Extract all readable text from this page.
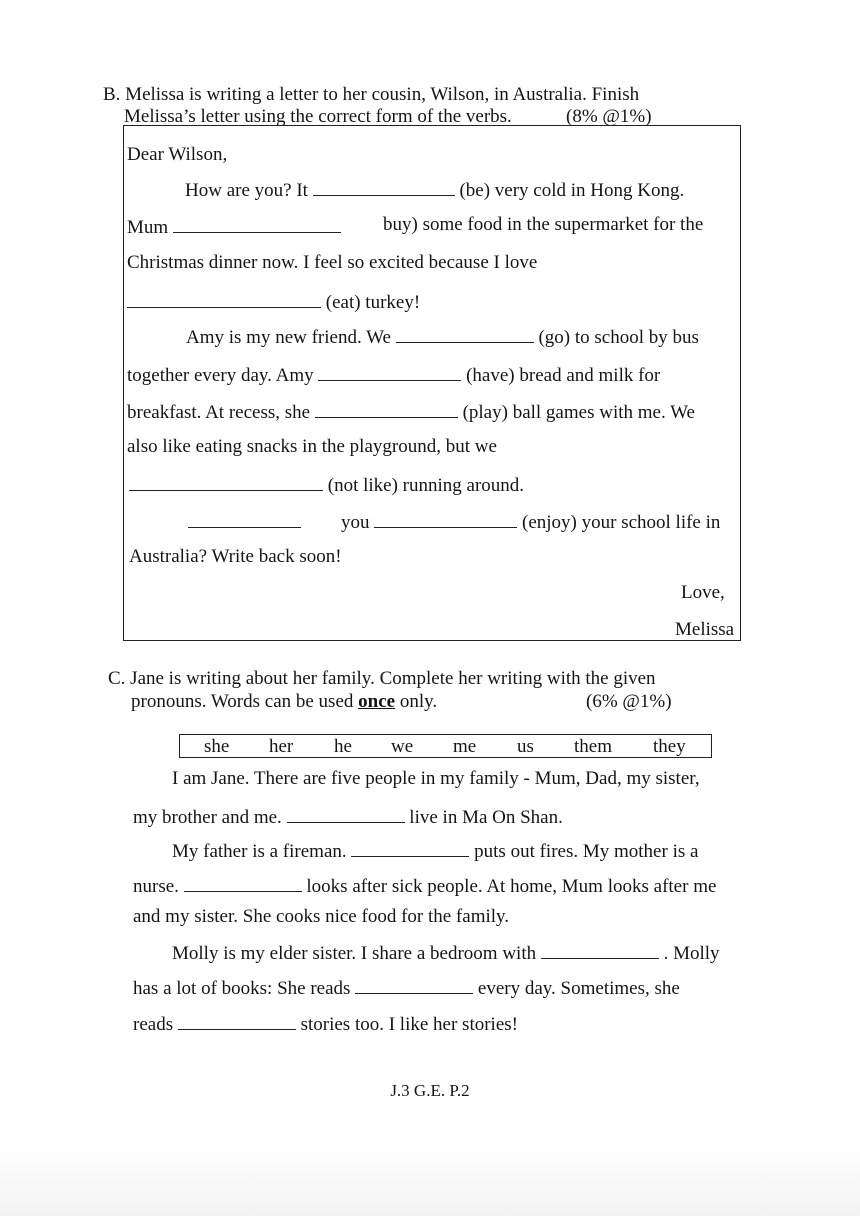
B. Melissa is writing a letter to her cousin, Wilson, in Australia. Finish
Melissa’s letter using the correct form of the verbs.	(8% @1%)
Dear Wilson,
How are you? It	(be) very cold in Hong Kong.
Mum	buy) some food in the supermarket for the
Christmas dinner now. I feel so excited because I love
(eat) turkey!
Amy is my new friend. We	(go) to school by bus
together every day. Amy	(have) bread and milk for
breakfast. At recess, she	(play) ball games with me. We
also like eating snacks in the playground, but we
(not like) running around.
you	(enjoy) your school life in
Australia? Write back soon!
Love,
Melissa
C. Jane is writing about her family. Complete her writing with the given
pronouns. Words can be used once only.	(6% @1%)
she her he we me us them they
I am Jane. There are five people in my family - Mum, Dad, my sister,
my brother and me.	live in Ma On Shan.
My father is a fireman.	puts out fires. My mother is a
nurse.	looks after sick people. At home, Mum looks after me
and my sister. She cooks nice food for the family.
Molly is my elder sister. I share a bedroom with	. Molly
has a lot of books: She reads	every day. Sometimes, she
reads	stories too. I like her stories!
J.3 G.E. P.2
